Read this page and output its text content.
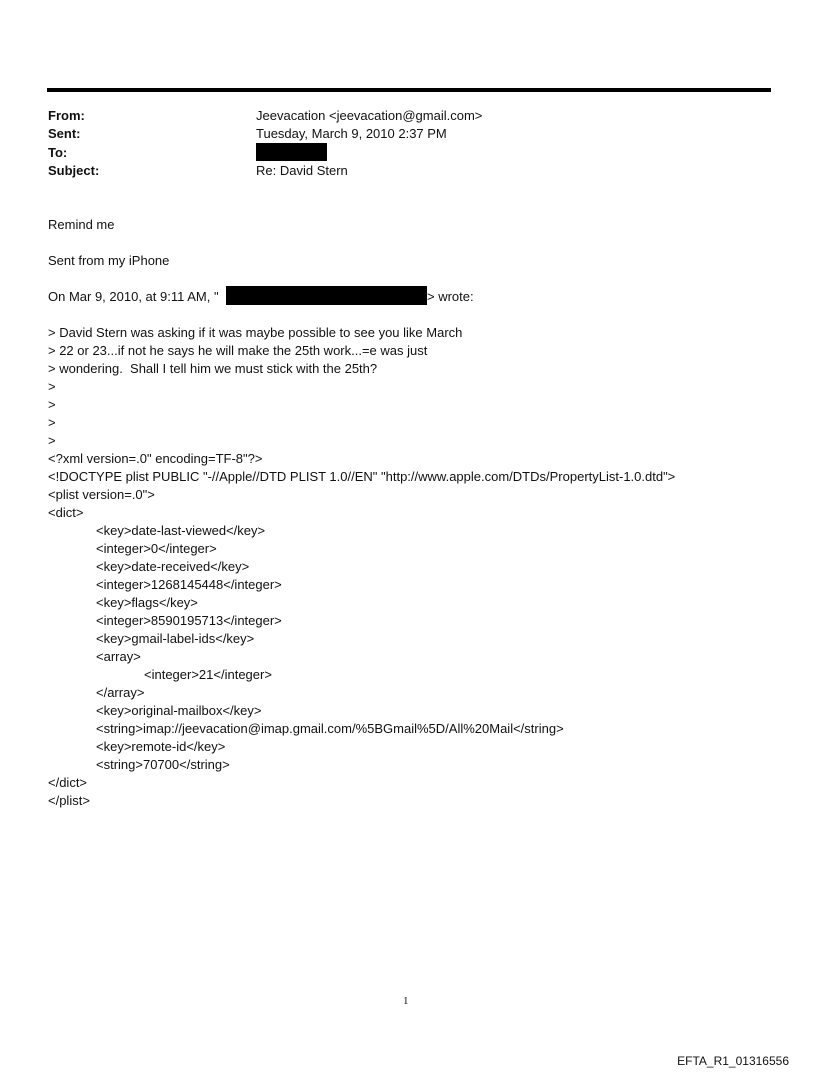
From:	Jeevacation <jeevacation@gmail.com>
Sent:	Tuesday, March 9, 2010 2:37 PM
To:
Subject:	Re: David Stern
Remind me
Sent from my iPhone
On Mar 9, 2010, at 9:11 AM, "	> wrote:
> David Stern was asking if it was maybe possible to see you like March
> 22 or 23...if not he says he will make the 25th work...=e was just
> wondering.  Shall I tell him we must stick with the 25th?
>
>
>
>
<?xml version=.0" encoding=TF-8"?>
<!DOCTYPE plist PUBLIC "-//Apple//DTD PLIST 1.0//EN" "http://www.apple.com/DTDs/PropertyList-1.0.dtd">
<plist version=.0">
<dict>
<key>date-last-viewed</key>
<integer>0</integer>
<key>date-received</key>
<integer>1268145448</integer>
<key>flags</key>
<integer>8590195713</integer>
<key>gmail-label-ids</key>
<array>
<integer>21</integer>
</array>
<key>original-mailbox</key>
<string>imap://jeevacation@imap.gmail.com/%5BGmail%5D/All%20Mail</string>
<key>remote-id</key>
<string>70700</string>
</dict>
</plist>
1
EFTA_R1_01316556
